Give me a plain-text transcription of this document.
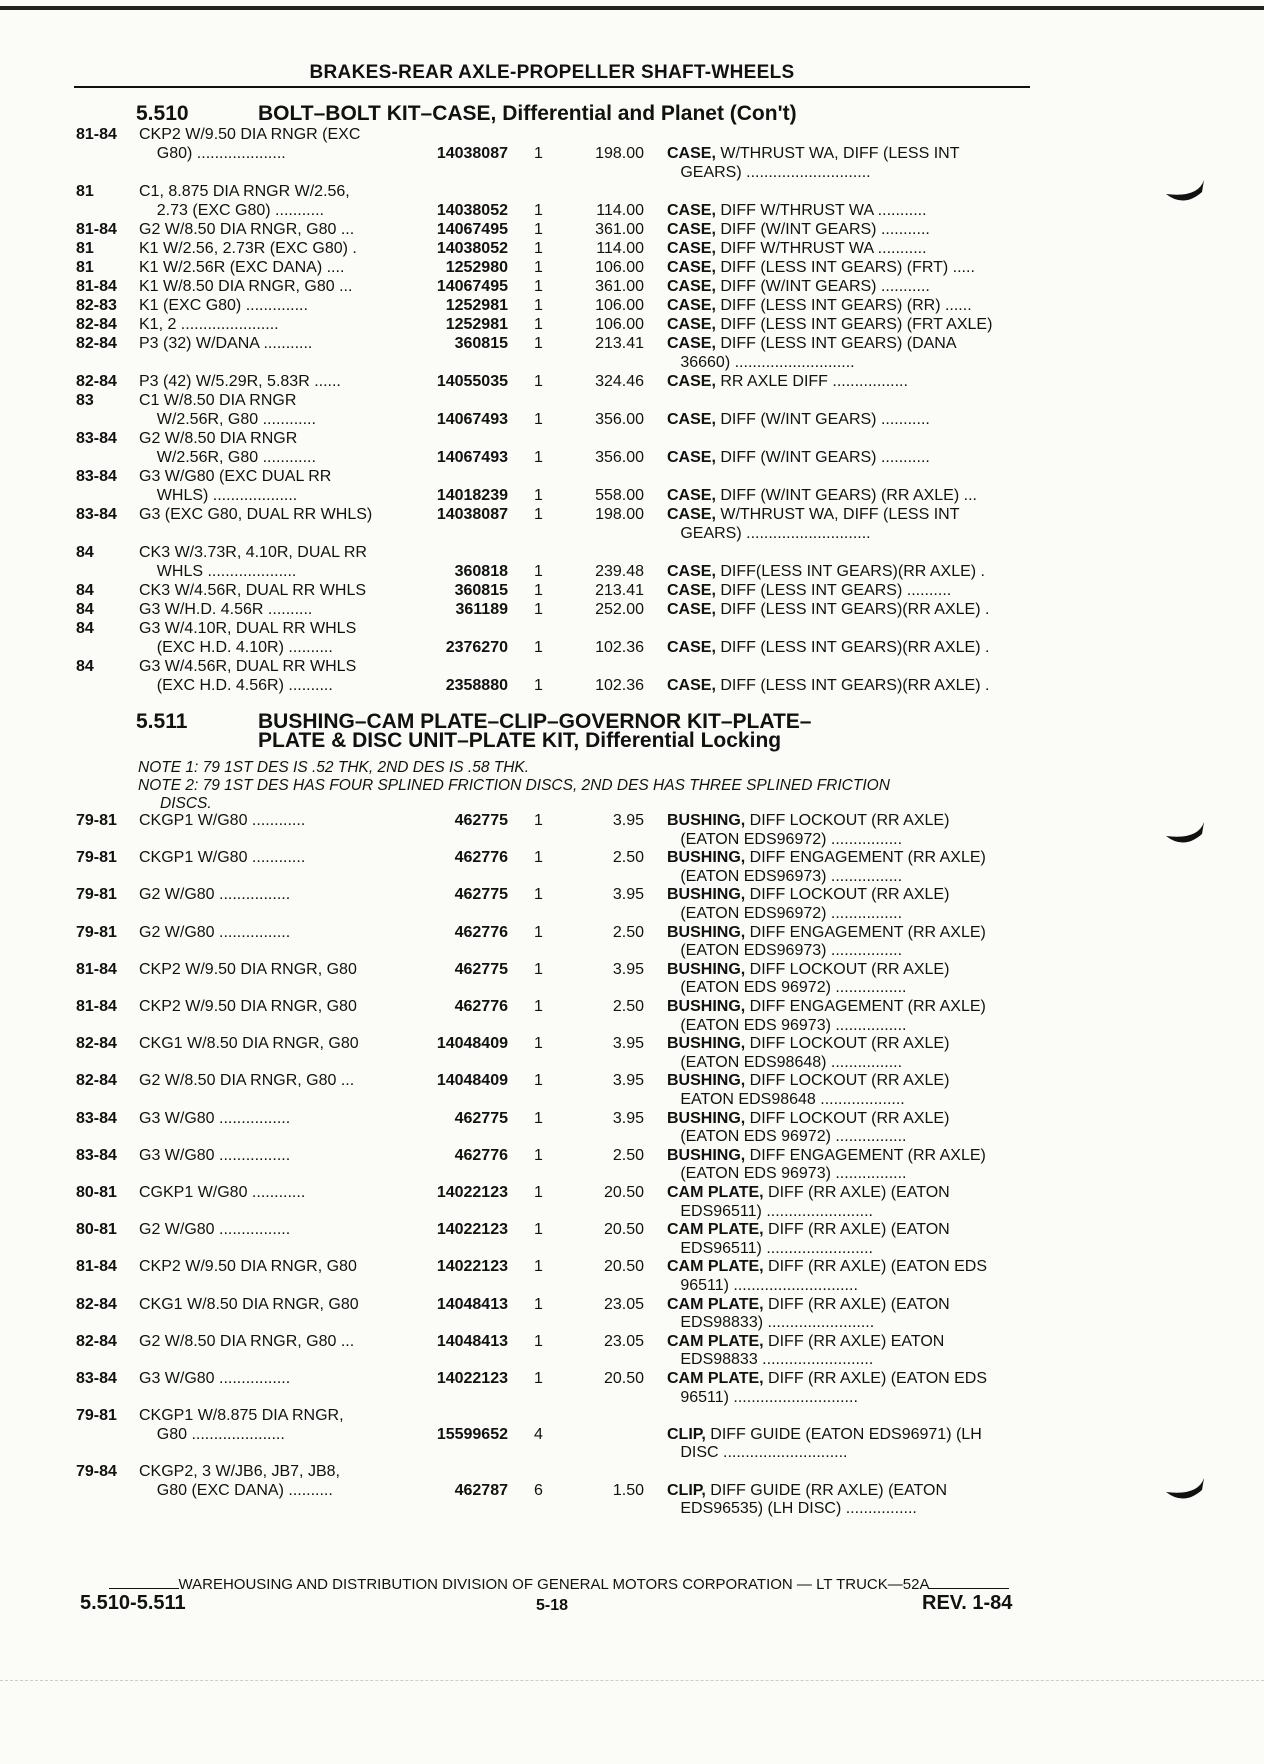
BRAKES-REAR AXLE-PROPELLER SHAFT-WHEELS
5.510	BOLT–BOLT KIT–CASE, Differential and Planet (Con't)
81-84	CKP2 W/9.50 DIA RNGR (EXC
G80) ....................	14038087 1	198.00 CASE, W/THRUST WA, DIFF (LESS INT
GEARS) ............................
81	C1, 8.875 DIA RNGR W/2.56,
2.73 (EXC G80) ...........	14038052 1	114.00 CASE, DIFF W/THRUST WA ...........
81-84	G2 W/8.50 DIA RNGR, G80 ...	14067495 1	361.00 CASE, DIFF (W/INT GEARS) ...........
81	K1 W/2.56, 2.73R (EXC G80) .	14038052 1	114.00 CASE, DIFF W/THRUST WA ...........
81	K1 W/2.56R (EXC DANA) ....	1252980 1	106.00 CASE, DIFF (LESS INT GEARS) (FRT) .....
81-84	K1 W/8.50 DIA RNGR, G80 ...	14067495 1	361.00 CASE, DIFF (W/INT GEARS) ...........
82-83	K1 (EXC G80) ..............	1252981 1	106.00 CASE, DIFF (LESS INT GEARS) (RR) ......
82-84	K1, 2 ......................	1252981 1	106.00 CASE, DIFF (LESS INT GEARS) (FRT AXLE)
82-84	P3 (32) W/DANA ...........	360815 1	213.41 CASE, DIFF (LESS INT GEARS) (DANA
36660) ...........................
82-84	P3 (42) W/5.29R, 5.83R ......	14055035 1	324.46 CASE, RR AXLE DIFF .................
83	C1 W/8.50 DIA RNGR
W/2.56R, G80 ............	14067493 1	356.00 CASE, DIFF (W/INT GEARS) ...........
83-84	G2 W/8.50 DIA RNGR
W/2.56R, G80 ............	14067493 1	356.00 CASE, DIFF (W/INT GEARS) ...........
83-84	G3 W/G80 (EXC DUAL RR
WHLS) ...................	14018239 1	558.00 CASE, DIFF (W/INT GEARS) (RR AXLE) ...
83-84	G3 (EXC G80, DUAL RR WHLS)	14038087 1	198.00 CASE, W/THRUST WA, DIFF (LESS INT
GEARS) ............................
84	CK3 W/3.73R, 4.10R, DUAL RR
WHLS ....................	360818 1	239.48 CASE, DIFF(LESS INT GEARS)(RR AXLE) .
84	CK3 W/4.56R, DUAL RR WHLS	360815 1	213.41 CASE, DIFF (LESS INT GEARS) ..........
84	G3 W/H.D. 4.56R ..........	361189 1	252.00 CASE, DIFF (LESS INT GEARS)(RR AXLE) .
84	G3 W/4.10R, DUAL RR WHLS
(EXC H.D. 4.10R) ..........	2376270 1	102.36 CASE, DIFF (LESS INT GEARS)(RR AXLE) .
84	G3 W/4.56R, DUAL RR WHLS
(EXC H.D. 4.56R) ..........	2358880 1	102.36 CASE, DIFF (LESS INT GEARS)(RR AXLE) .
5.511	BUSHING–CAM PLATE–CLIP–GOVERNOR KIT–PLATE–
PLATE & DISC UNIT–PLATE KIT, Differential Locking
NOTE 1: 79 1ST DES IS .52 THK, 2ND DES IS .58 THK.
NOTE 2: 79 1ST DES HAS FOUR SPLINED FRICTION DISCS, 2ND DES HAS THREE SPLINED FRICTION
DISCS.
79-81	CKGP1 W/G80 ............	462775 1	3.95 BUSHING, DIFF LOCKOUT (RR AXLE)
(EATON EDS96972) ................
79-81	CKGP1 W/G80 ............	462776 1	2.50 BUSHING, DIFF ENGAGEMENT (RR AXLE)
(EATON EDS96973) ................
79-81	G2 W/G80 ................	462775 1	3.95 BUSHING, DIFF LOCKOUT (RR AXLE)
(EATON EDS96972) ................
79-81	G2 W/G80 ................	462776 1	2.50 BUSHING, DIFF ENGAGEMENT (RR AXLE)
(EATON EDS96973) ................
81-84	CKP2 W/9.50 DIA RNGR, G80	462775 1	3.95 BUSHING, DIFF LOCKOUT (RR AXLE)
(EATON EDS 96972) ................
81-84	CKP2 W/9.50 DIA RNGR, G80	462776 1	2.50 BUSHING, DIFF ENGAGEMENT (RR AXLE)
(EATON EDS 96973) ................
82-84	CKG1 W/8.50 DIA RNGR, G80	14048409 1	3.95 BUSHING, DIFF LOCKOUT (RR AXLE)
(EATON EDS98648) ................
82-84	G2 W/8.50 DIA RNGR, G80 ...	14048409 1	3.95 BUSHING, DIFF LOCKOUT (RR AXLE)
EATON EDS98648 ...................
83-84	G3 W/G80 ................	462775 1	3.95 BUSHING, DIFF LOCKOUT (RR AXLE)
(EATON EDS 96972) ................
83-84	G3 W/G80 ................	462776 1	2.50 BUSHING, DIFF ENGAGEMENT (RR AXLE)
(EATON EDS 96973) ................
80-81	CGKP1 W/G80 ............	14022123 1	20.50 CAM PLATE, DIFF (RR AXLE) (EATON
EDS96511) ........................
80-81	G2 W/G80 ................	14022123 1	20.50 CAM PLATE, DIFF (RR AXLE) (EATON
EDS96511) ........................
81-84	CKP2 W/9.50 DIA RNGR, G80	14022123 1	20.50 CAM PLATE, DIFF (RR AXLE) (EATON EDS
96511) ............................
82-84	CKG1 W/8.50 DIA RNGR, G80	14048413 1	23.05 CAM PLATE, DIFF (RR AXLE) (EATON
EDS98833) ........................
82-84	G2 W/8.50 DIA RNGR, G80 ...	14048413 1	23.05 CAM PLATE, DIFF (RR AXLE) EATON
EDS98833 .........................
83-84	G3 W/G80 ................	14022123 1	20.50 CAM PLATE, DIFF (RR AXLE) (EATON EDS
96511) ............................
79-81	CKGP1 W/8.875 DIA RNGR,
G80 .....................	15599652 4	CLIP, DIFF GUIDE (EATON EDS96971) (LH
DISC ............................
79-84	CKGP2, 3 W/JB6, JB7, JB8,
G80 (EXC DANA) ..........	462787 6	1.50 CLIP, DIFF GUIDE (RR AXLE) (EATON
EDS96535) (LH DISC) ................
WAREHOUSING AND DISTRIBUTION DIVISION OF GENERAL MOTORS CORPORATION — LT TRUCK—52A
5.510-5.511	5-18	REV. 1-84
